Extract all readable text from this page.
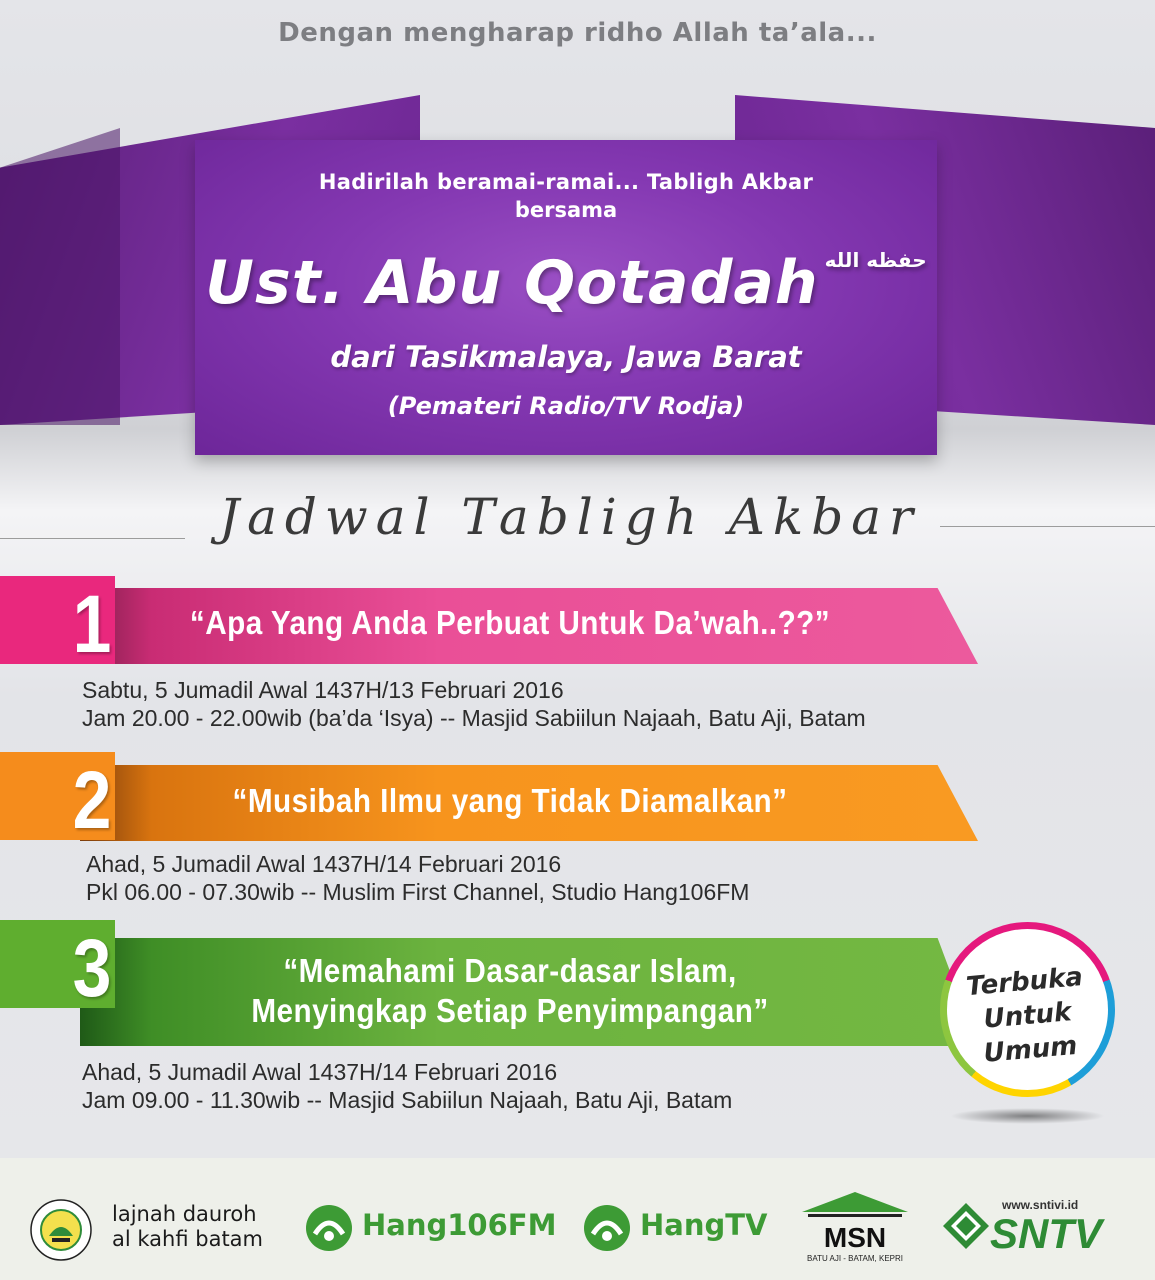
Dengan mengharap ridho Allah ta’ala...
Hadirilah beramai-ramai... Tabligh Akbar
bersama
Ust. Abu Qotadah $^{حفظه الله}$
dari Tasikmalaya, Jawa Barat
(Pemateri Radio/TV Rodja)
Jadwal Tabligh Akbar
1	“Apa Yang Anda Perbuat Untuk Da’wah..??”
Sabtu, 5 Jumadil Awal 1437H/13 Februari 2016
Jam 20.00 - 22.00wib (ba’da ‘Isya) -- Masjid Sabiilun Najaah, Batu Aji, Batam
2	“Musibah Ilmu yang Tidak Diamalkan”
Ahad, 5 Jumadil Awal 1437H/14 Februari 2016
Pkl 06.00 - 07.30wib -- Muslim First Channel, Studio Hang106FM
3	“Memahami Dasar-dasar Islam,
Menyingkap Setiap Penyimpangan”
Ahad, 5 Jumadil Awal 1437H/14 Februari 2016
Jam 09.00 - 11.30wib -- Masjid Sabiilun Najaah, Batu Aji, Batam
Terbuka
Untuk
Umum
lajnah dauroh
al kahfi batam	Hang106FM	HangTV	MSN
BATU AJI - BATAM, KEPRI
www.sntivi.id
SNTV
